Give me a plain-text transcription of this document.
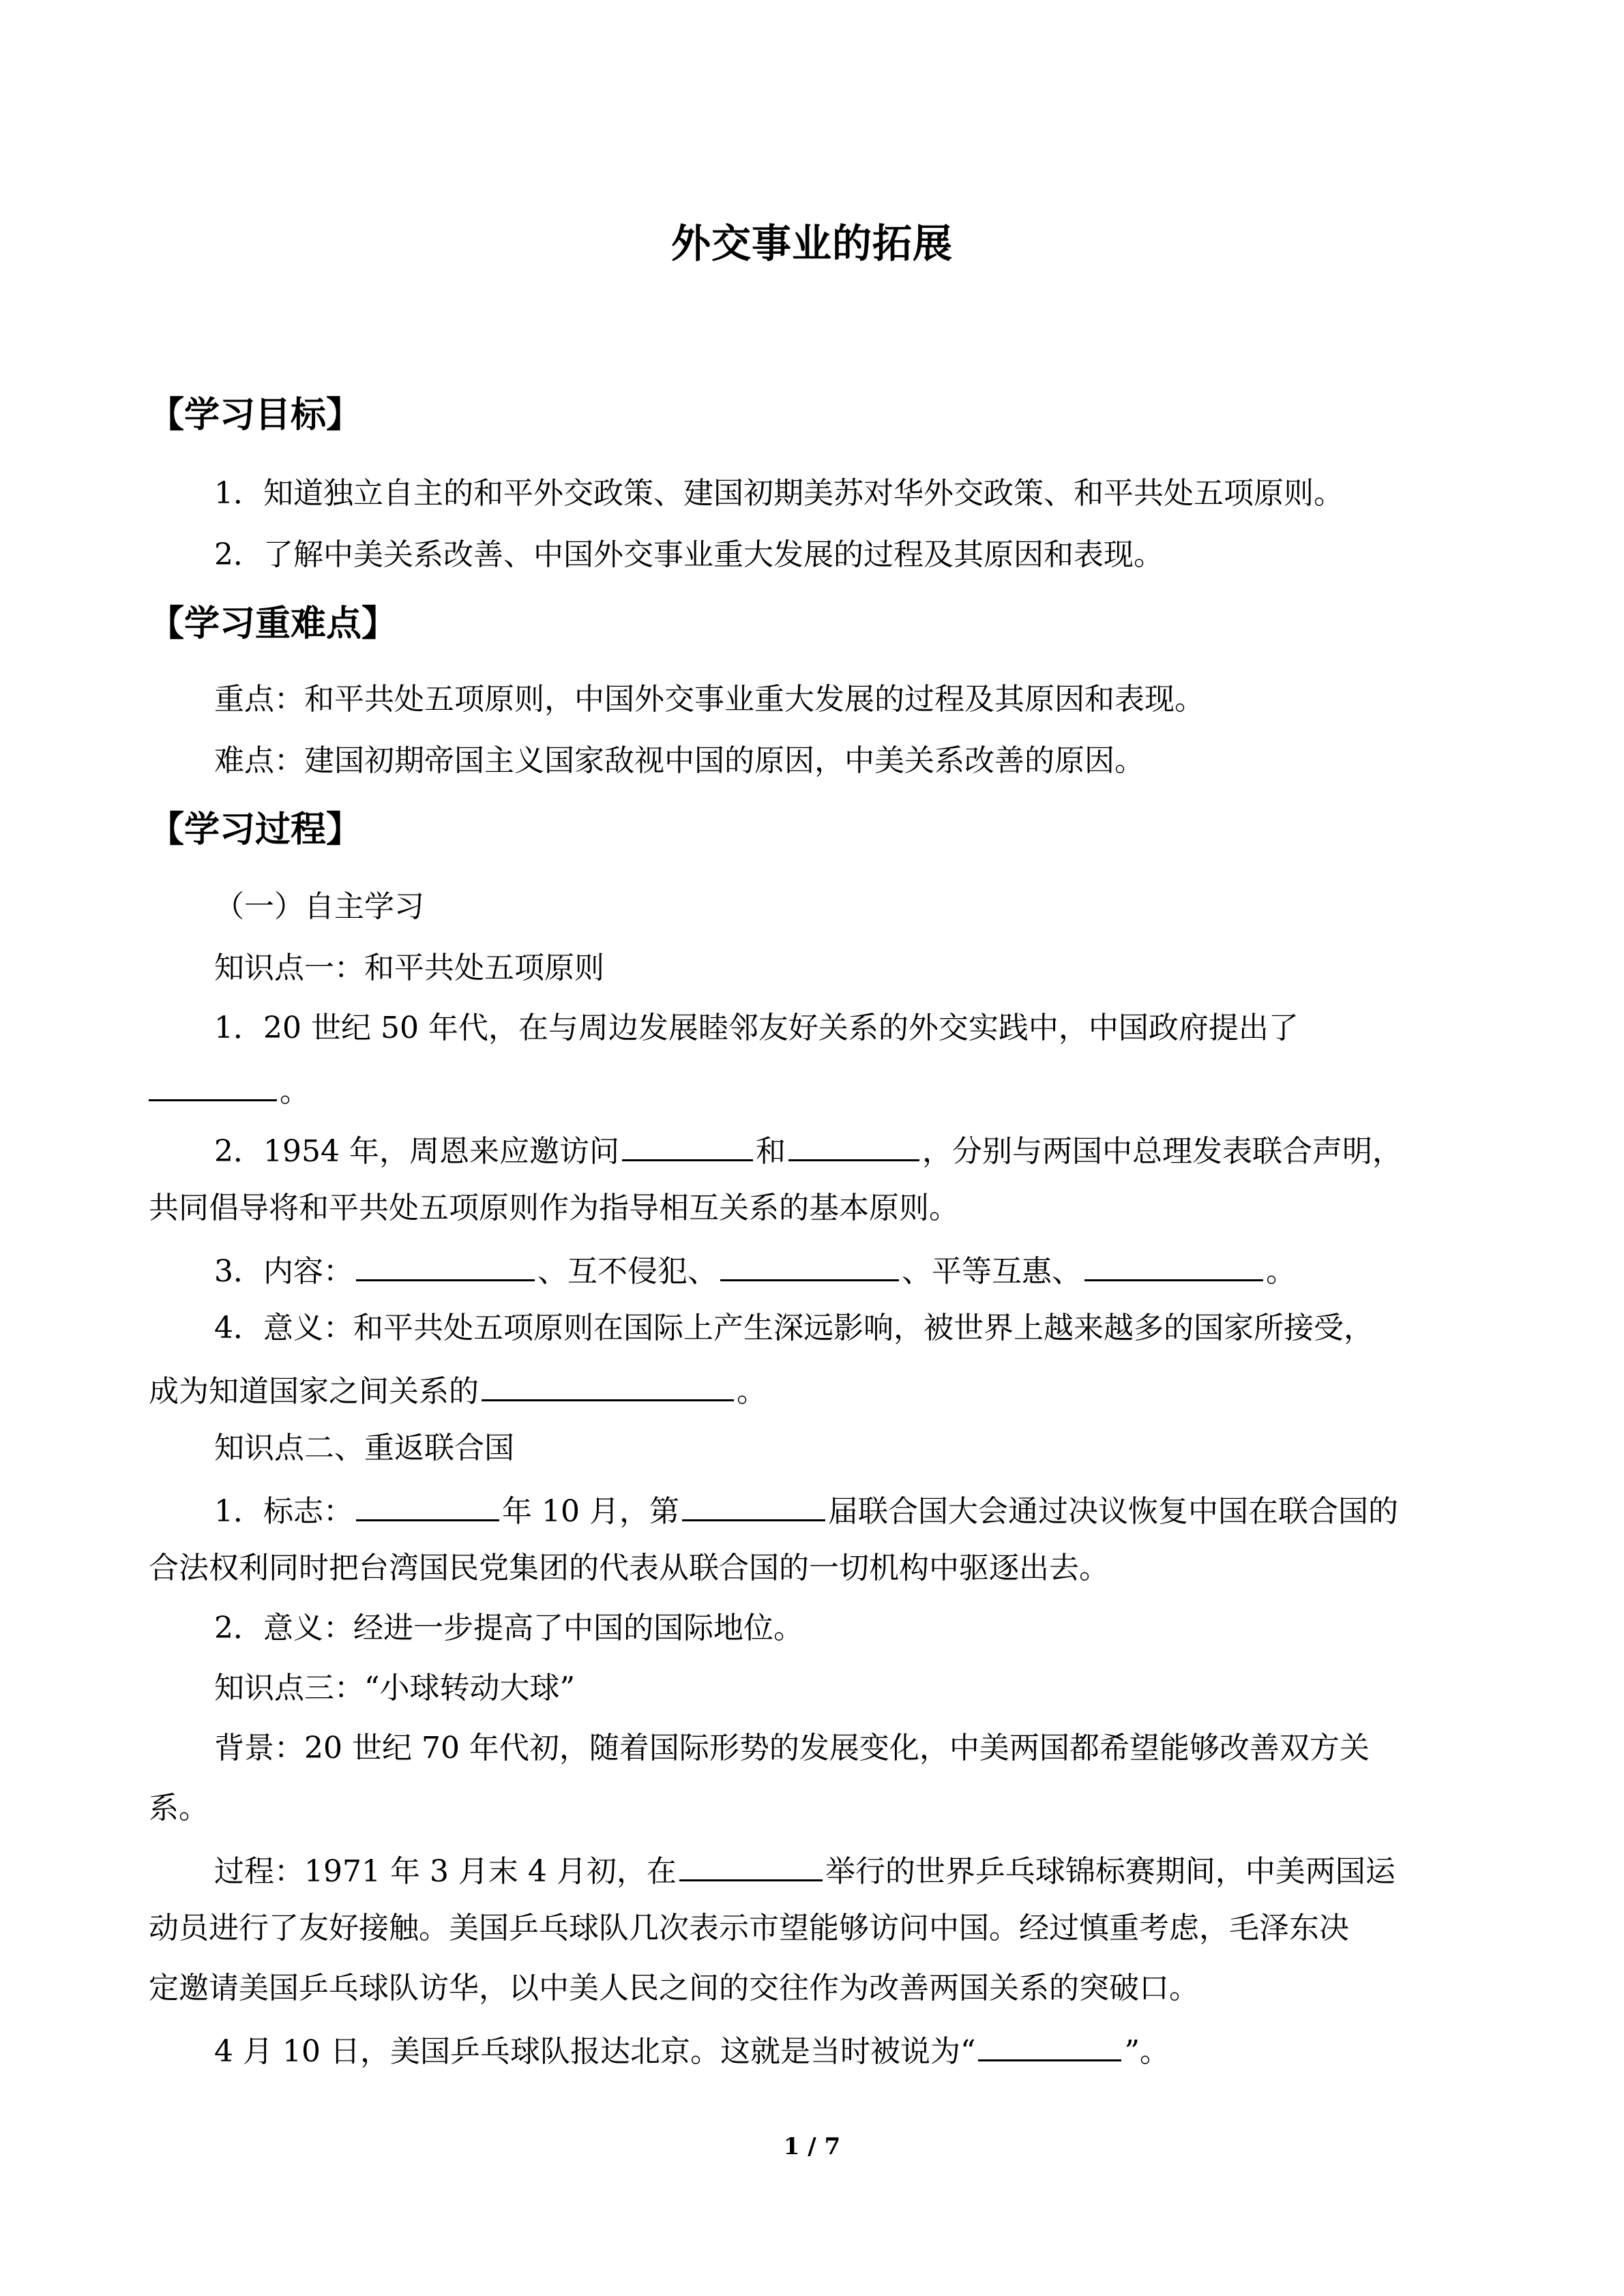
外交事业的拓展
【学习目标】
1．知道独立自主的和平外交政策、建国初期美苏对华外交政策、和平共处五项原则。
2．了解中美关系改善、中国外交事业重大发展的过程及其原因和表现。
【学习重难点】
重点：和平共处五项原则，中国外交事业重大发展的过程及其原因和表现。
难点：建国初期帝国主义国家敌视中国的原因，中美关系改善的原因。
【学习过程】
（一）自主学习
知识点一：和平共处五项原则
1．20 世纪 50 年代，在与周边发展睦邻友好关系的外交实践中，中国政府提出了
。
2．1954 年，周恩来应邀访问	和	，分别与两国中总理发表联合声明，
共同倡导将和平共处五项原则作为指导相互关系的基本原则。
3．内容：	、互不侵犯、	、平等互惠、	。
4．意义：和平共处五项原则在国际上产生深远影响，被世界上越来越多的国家所接受，
成为知道国家之间关系的	。
知识点二、重返联合国
1．标志：	年 10 月，第	届联合国大会通过决议恢复中国在联合国的
合法权利同时把台湾国民党集团的代表从联合国的一切机构中驱逐出去。
2．意义：经进一步提高了中国的国际地位。
知识点三：“小球转动大球”
背景：20 世纪 70 年代初，随着国际形势的发展变化，中美两国都希望能够改善双方关
系。
过程：1971 年 3 月末 4 月初，在	举行的世界乒乓球锦标赛期间，中美两国运
动员进行了友好接触。美国乒乓球队几次表示市望能够访问中国。经过慎重考虑，毛泽东决
定邀请美国乒乓球队访华，以中美人民之间的交往作为改善两国关系的突破口。
4 月 10 日，美国乒乓球队报达北京。这就是当时被说为“	”。
1 / 7
